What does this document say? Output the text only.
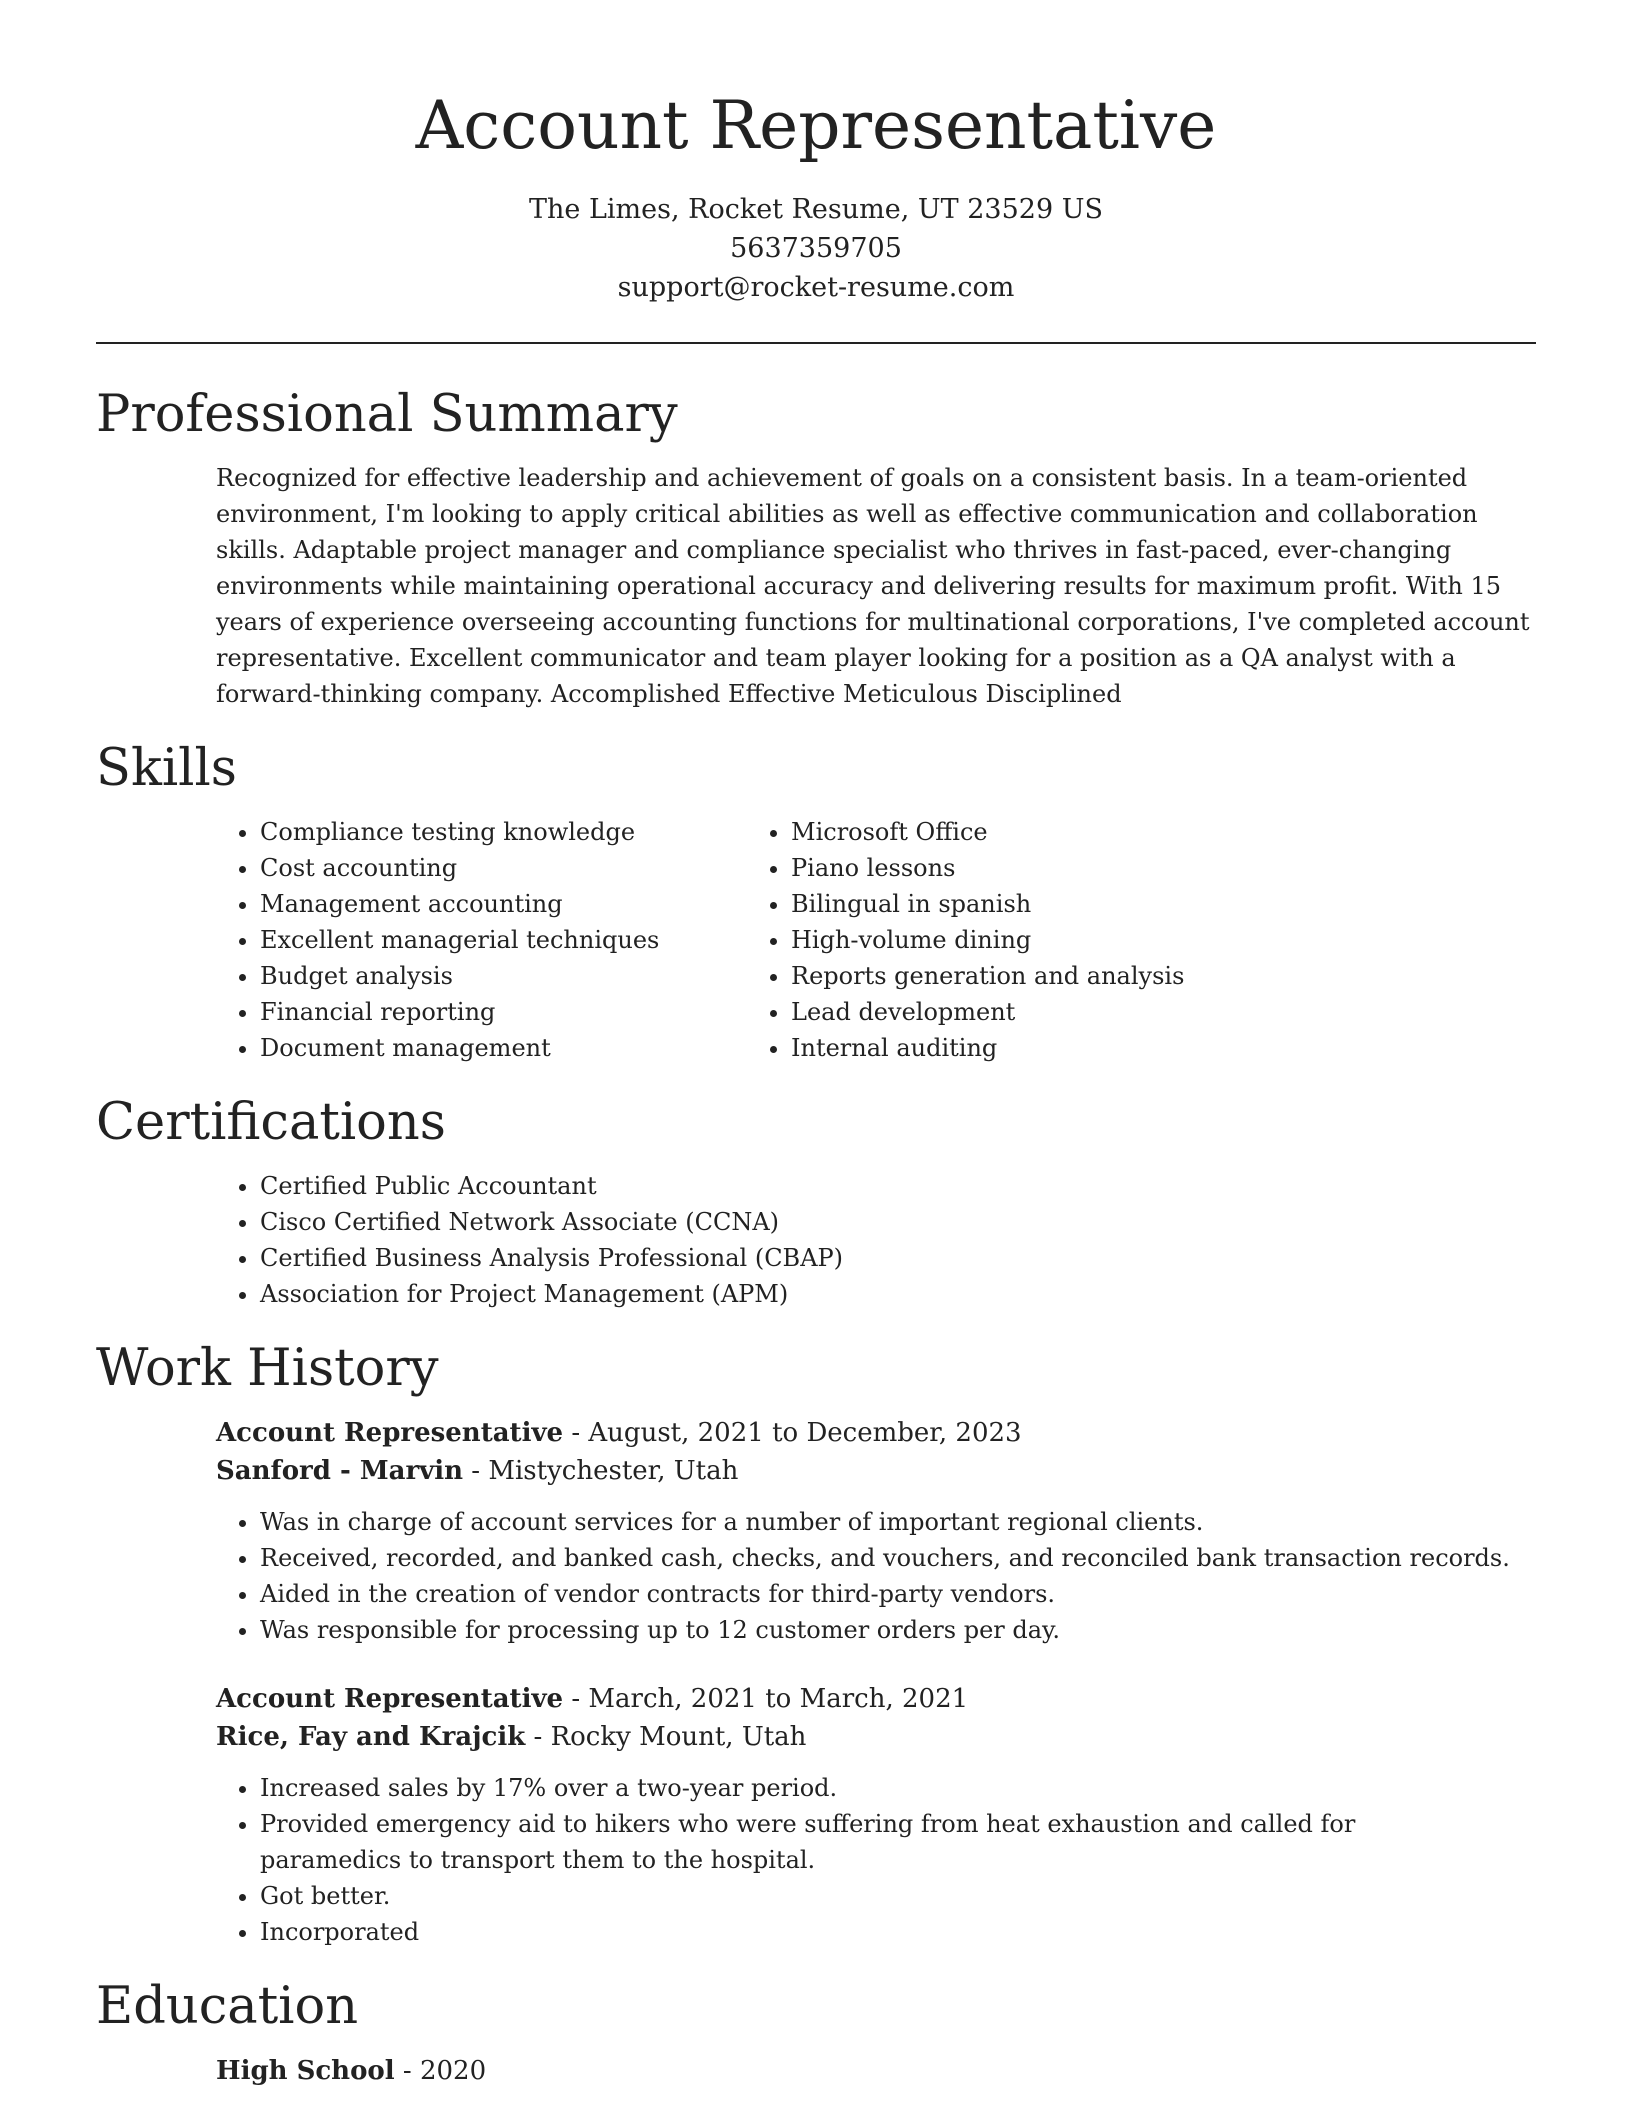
Account Representative
The Limes, Rocket Resume, UT 23529 US
5637359705
support@rocket-resume.com
Professional Summary

Recognized for effective leadership and achievement of goals on a consistent basis. In a team-oriented environment, I'm looking to apply critical abilities as well as effective communication and collaboration skills. Adaptable project manager and compliance specialist who thrives in fast-paced, ever-changing environments while maintaining operational accuracy and delivering results for maximum profit. With 15 years of experience overseeing accounting functions for multinational corporations, I've completed account representative. Excellent communicator and team player looking for a position as a QA analyst with a forward-thinking company. Accomplished Effective Meticulous Disciplined

Skills
• Compliance testing knowledge
• Cost accounting
• Management accounting
• Excellent managerial techniques
• Budget analysis
• Financial reporting
• Document management
• Microsoft Office
• Piano lessons
• Bilingual in spanish
• High-volume dining
• Reports generation and analysis
• Lead development
• Internal auditing
Certifications
• Certified Public Accountant
• Cisco Certified Network Associate (CCNA)
• Certified Business Analysis Professional (CBAP)
• Association for Project Management (APM)
Work History
Account Representative - August, 2021 to December, 2023
Sanford - Marvin - Mistychester, Utah
• Was in charge of account services for a number of important regional clients.
• Received, recorded, and banked cash, checks, and vouchers, and reconciled bank transaction records.
• Aided in the creation of vendor contracts for third-party vendors.
• Was responsible for processing up to 12 customer orders per day.
Account Representative - March, 2021 to March, 2021
Rice, Fay and Krajcik - Rocky Mount, Utah
• Increased sales by 17% over a two-year period.
• Provided emergency aid to hikers who were suffering from heat exhaustion and called for paramedics to transport them to the hospital.
• Got better.
• Incorporated
Education
High School - 2020
